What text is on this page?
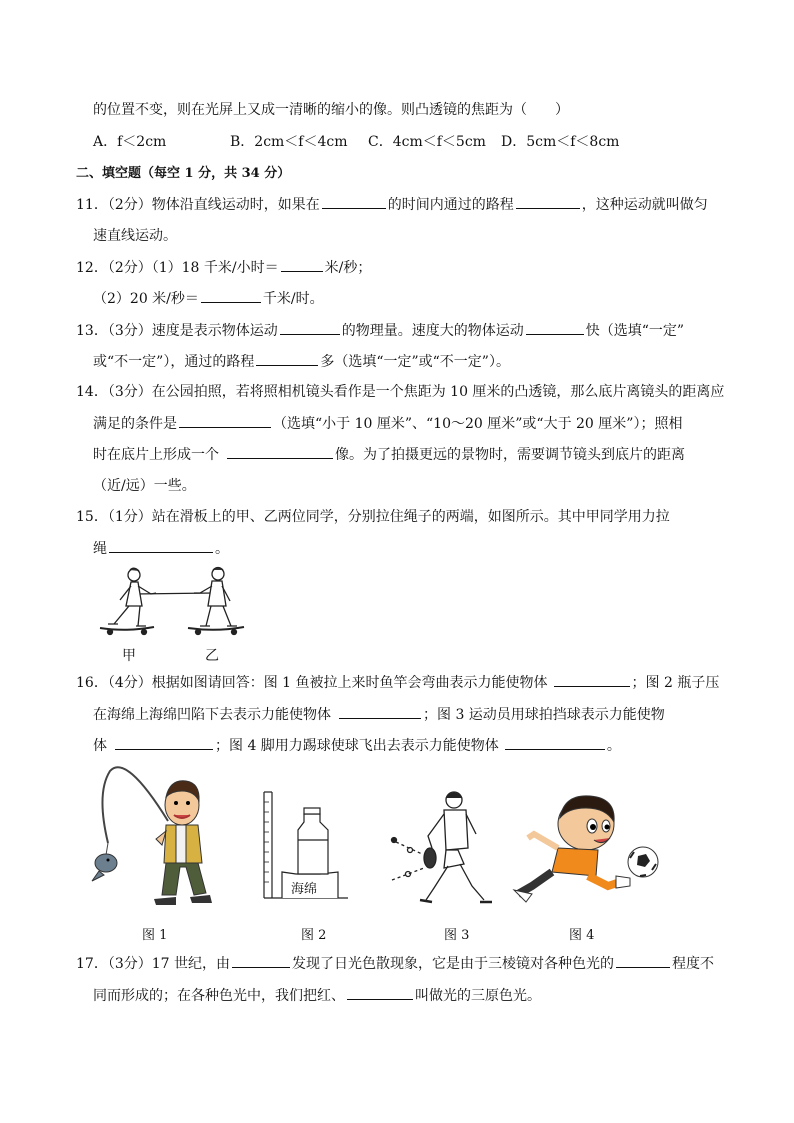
的位置不变，则在光屏上又成一清晰的缩小的像。则凸透镜的焦距为（　　）
A．f＜2cm	B．2cm＜f＜4cm C．4cm＜f＜5cm D．5cm＜f＜8cm
二、填空题（每空 1 分，共 34 分）
11．（2分）物体沿直线运动时，如果在	的时间内通过的路程	，这种运动就叫做匀
速直线运动。
12．（2分）（1）18 千米/小时＝	米/秒；
（2）20 米/秒＝	千米/时。
13．（3分）速度是表示物体运动	的物理量。速度大的物体运动	快（选填“一定”
或“不一定”），通过的路程	多（选填“一定”或“不一定”）。
14．（3分）在公园拍照，若将照相机镜头看作是一个焦距为 10 厘米的凸透镜，那么底片离镜头的距离应
满足的条件是	（选填“小于 10 厘米”、“10～20 厘米”或“大于 20 厘米”）；照相
时在底片上形成一个	像。为了拍摄更远的景物时，需要调节镜头到底片的距离
（近/远）一些。
15．（1分）站在滑板上的甲、乙两位同学，分别拉住绳子的两端，如图所示。其中甲同学用力拉
绳	。
甲	乙
16．（4分）根据如图请回答：图 1 鱼被拉上来时鱼竿会弯曲表示力能使物体	；图 2 瓶子压
在海绵上海绵凹陷下去表示力能使物体	；图 3 运动员用球拍挡球表示力能使物
体	；图 4 脚用力踢球使球飞出去表示力能使物体	。
海绵
图 1	图 2	图 3	图 4
17．（3分）17 世纪，由	发现了日光色散现象，它是由于三棱镜对各种色光的	程度不
同而形成的；在各种色光中，我们把红、	叫做光的三原色光。
